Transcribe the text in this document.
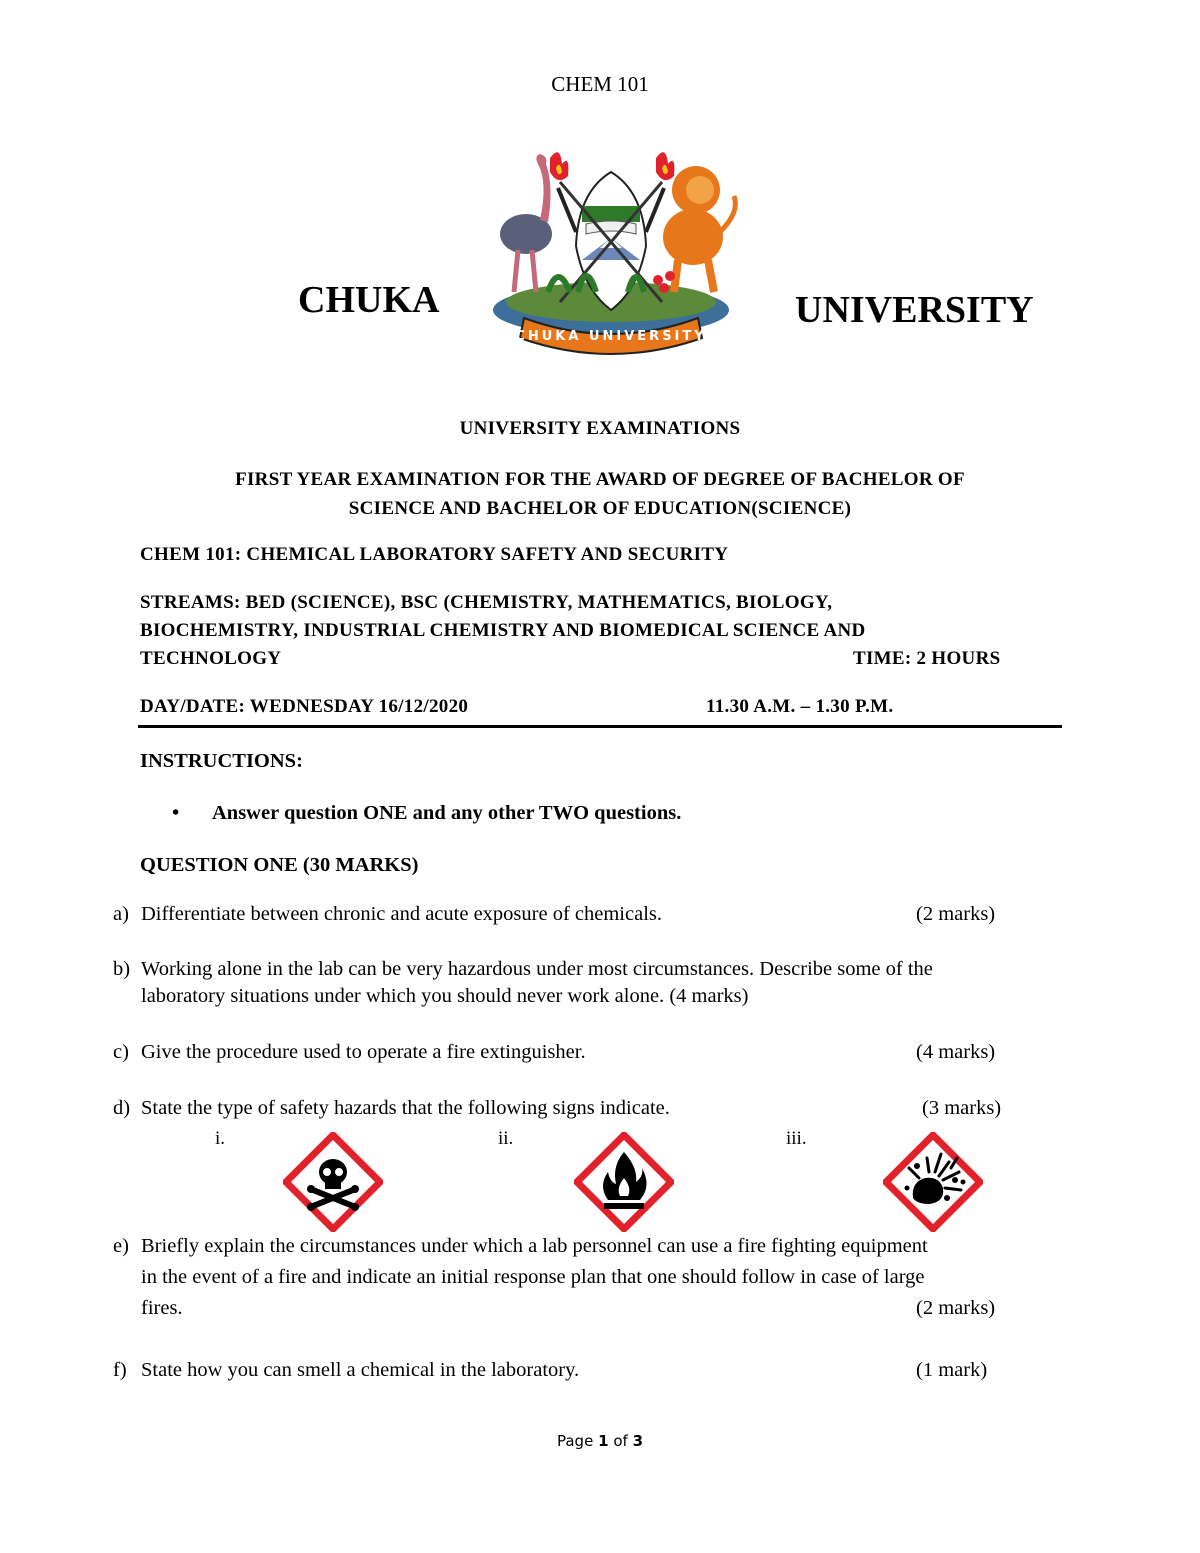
CHEM 101
CHUKA	UNIVERSITY
CHUKA UNIVERSITY
UNIVERSITY EXAMINATIONS
FIRST YEAR EXAMINATION FOR THE AWARD OF DEGREE OF BACHELOR OF
SCIENCE AND BACHELOR OF EDUCATION(SCIENCE)
CHEM 101: CHEMICAL LABORATORY SAFETY AND SECURITY
STREAMS: BED (SCIENCE), BSC (CHEMISTRY, MATHEMATICS, BIOLOGY,
BIOCHEMISTRY, INDUSTRIAL CHEMISTRY AND BIOMEDICAL SCIENCE AND
TECHNOLOGY	TIME: 2 HOURS
DAY/DATE: WEDNESDAY 16/12/2020	11.30 A.M. – 1.30 P.M.
INSTRUCTIONS:
• Answer question ONE and any other TWO questions.
QUESTION ONE (30 MARKS)
a) Differentiate between chronic and acute exposure of chemicals.	(2 marks)
b) Working alone in the lab can be very hazardous under most circumstances. Describe some of the
laboratory situations under which you should never work alone. (4 marks)
c) Give the procedure used to operate a fire extinguisher.	(4 marks)
d) State the type of safety hazards that the following signs indicate.	(3 marks)
i.	ii.	iii.
e) Briefly explain the circumstances under which a lab personnel can use a fire fighting equipment
in the event of a fire and indicate an initial response plan that one should follow in case of large
fires.	(2 marks)
f) State how you can smell a chemical in the laboratory.	(1 mark)
Page 1 of 3
